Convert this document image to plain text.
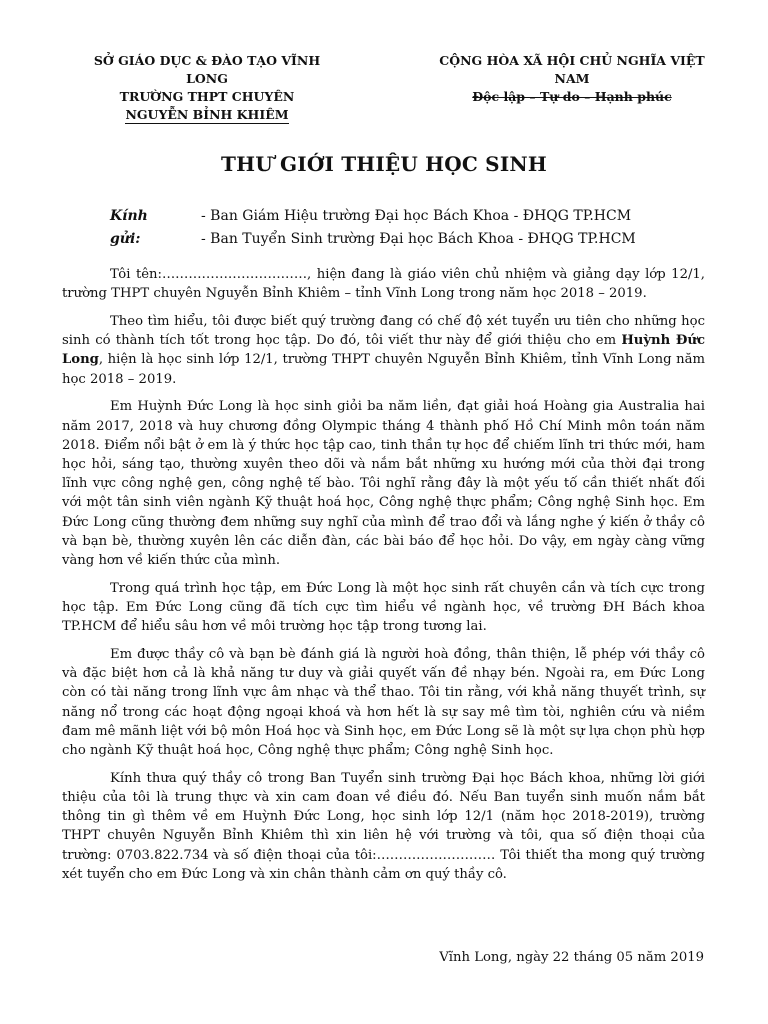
SỞ GIÁO DỤC & ĐÀO TẠO VĨNH
LONG
TRƯỜNG THPT CHUYÊN
NGUYỄN BỈNH KHIÊM
CỘNG HÒA XÃ HỘI CHỦ NGHĨA VIỆT
NAM
Độc lập – Tự do – Hạnh phúc
THƯ GIỚI THIỆU HỌC SINH
Kính gửi:
- Ban Giám Hiệu trường Đại học Bách Khoa - ĐHQG TP.HCM
- Ban Tuyển Sinh trường Đại học Bách Khoa - ĐHQG TP.HCM

Tôi tên:……………………………, hiện đang là giáo viên chủ nhiệm và giảng dạy lớp 12/1, trường THPT chuyên Nguyễn Bỉnh Khiêm – tỉnh Vĩnh Long trong năm học 2018 – 2019.

Theo tìm hiểu, tôi được biết quý trường đang có chế độ xét tuyển ưu tiên cho những học sinh có thành tích tốt trong học tập. Do đó, tôi viết thư này để giới thiệu cho em Huỳnh Đức Long, hiện là học sinh lớp 12/1, trường THPT chuyên Nguyễn Bỉnh Khiêm, tỉnh Vĩnh Long năm học 2018 – 2019.

Em Huỳnh Đức Long là học sinh giỏi ba năm liền, đạt giải hoá Hoàng gia Australia hai năm 2017, 2018 và huy chương đồng Olympic tháng 4 thành phố Hồ Chí Minh môn toán năm 2018. Điểm nổi bật ở em là ý thức học tập cao, tinh thần tự học để chiếm lĩnh tri thức mới, ham học hỏi, sáng tạo, thường xuyên theo dõi và nắm bắt những xu hướng mới của thời đại trong lĩnh vực công nghệ gen, công nghệ tế bào. Tôi nghĩ rằng đây là một yếu tố cần thiết nhất đối với một tân sinh viên ngành Kỹ thuật hoá học, Công nghệ thực phẩm; Công nghệ Sinh học. Em Đức Long cũng thường đem những suy nghĩ của mình để trao đổi và lắng nghe ý kiến ở thầy cô và bạn bè, thường xuyên lên các diễn đàn, các bài báo để học hỏi. Do vậy, em ngày càng vững vàng hơn về kiến thức của mình.

Trong quá trình học tập, em Đức Long là một học sinh rất chuyên cần và tích cực trong học tập. Em Đức Long cũng đã tích cực tìm hiểu về ngành học, về trường ĐH Bách khoa TP.HCM để hiểu sâu hơn về môi trường học tập trong tương lai.

Em được thầy cô và bạn bè đánh giá là người hoà đồng, thân thiện, lễ phép với thầy cô và đặc biệt hơn cả là khả năng tư duy và giải quyết vấn đề nhạy bén. Ngoài ra, em Đức Long còn có tài năng trong lĩnh vực âm nhạc và thể thao. Tôi tin rằng, với khả năng thuyết trình, sự năng nổ trong các hoạt động ngoại khoá và hơn hết là sự say mê tìm tòi, nghiên cứu và niềm đam mê mãnh liệt với bộ môn Hoá học và Sinh học, em Đức Long sẽ là một sự lựa chọn phù hợp cho ngành Kỹ thuật hoá học, Công nghệ thực phẩm; Công nghệ Sinh học.

Kính thưa quý thầy cô trong Ban Tuyển sinh trường Đại học Bách khoa, những lời giới thiệu của tôi là trung thực và xin cam đoan về điều đó. Nếu Ban tuyển sinh muốn nắm bắt thông tin gì thêm về em Huỳnh Đức Long, học sinh lớp 12/1 (năm học 2018-2019), trường THPT chuyên Nguyễn Bỉnh Khiêm thì xin liên hệ với trường và tôi, qua số điện thoại của trường: 0703.822.734 và số điện thoại của tôi:……………………… Tôi thiết tha mong quý trường xét tuyển cho em Đức Long và xin chân thành cảm ơn quý thầy cô.

Vĩnh Long, ngày 22 tháng 05 năm 2019
